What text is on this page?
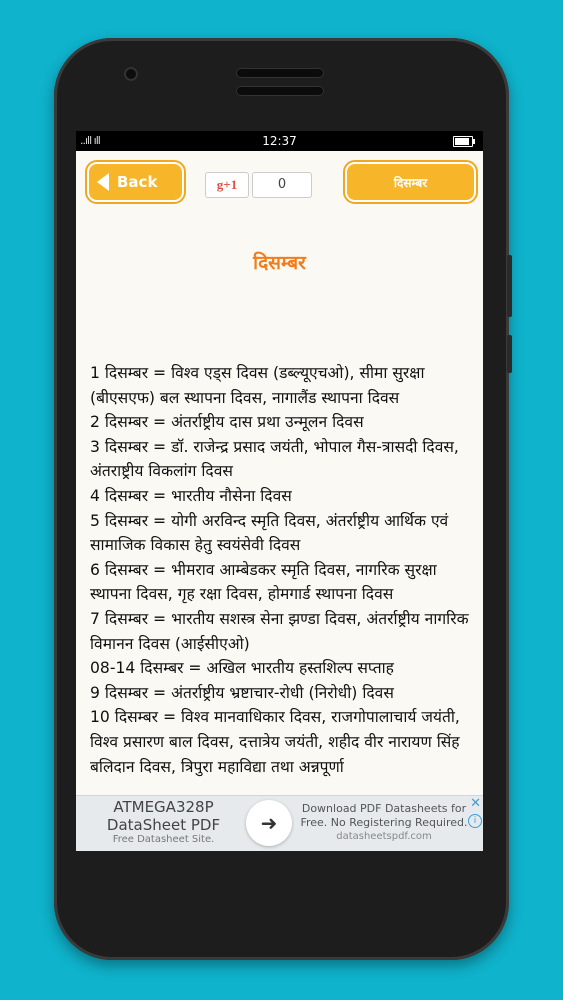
..ıll ıll	12:37
Back	g+1	0	दिसम्बर
दिसम्बर

1 दिसम्बर = विश्व एड्स दिवस (डब्ल्यूएचओ), सीमा सुरक्षा (बीएसएफ) बल स्थापना दिवस, नागालैंड स्थापना दिवस

2 दिसम्बर = अंतर्राष्ट्रीय दास प्रथा उन्मूलन दिवस

3 दिसम्बर = डॉ. राजेन्द्र प्रसाद जयंती, भोपाल गैस-त्रासदी दिवस, अंतराष्ट्रीय विकलांग दिवस

4 दिसम्बर = भारतीय नौसेना दिवस

5 दिसम्बर = योगी अरविन्द स्मृति दिवस, अंतर्राष्ट्रीय आर्थिक एवं सामाजिक विकास हेतु स्वयंसेवी दिवस

6 दिसम्बर = भीमराव आम्बेडकर स्मृति दिवस, नागरिक सुरक्षा स्थापना दिवस, गृह रक्षा दिवस, होमगार्ड स्थापना दिवस

7 दिसम्बर = भारतीय सशस्त्र सेना झण्डा दिवस, अंतर्राष्ट्रीय नागरिक विमानन दिवस (आईसीएओ)

08-14 दिसम्बर = अखिल भारतीय हस्तशिल्प सप्ताह

9 दिसम्बर = अंतर्राष्ट्रीय भ्रष्टाचार-रोधी (निरोधी) दिवस

10 दिसम्बर = विश्व मानवाधिकार दिवस, राजगोपालाचार्य जयंती, विश्व प्रसारण बाल दिवस, दत्तात्रेय जयंती, शहीद वीर नारायण सिंह बलिदान दिवस, त्रिपुरा महाविद्या तथा अन्नपूर्णा

ATMEGA328P
DataSheet PDF
Free Datasheet Site.
➜
Download PDF Datasheets for
Free. No Registering Required.
datasheetspdf.com
✕
i
